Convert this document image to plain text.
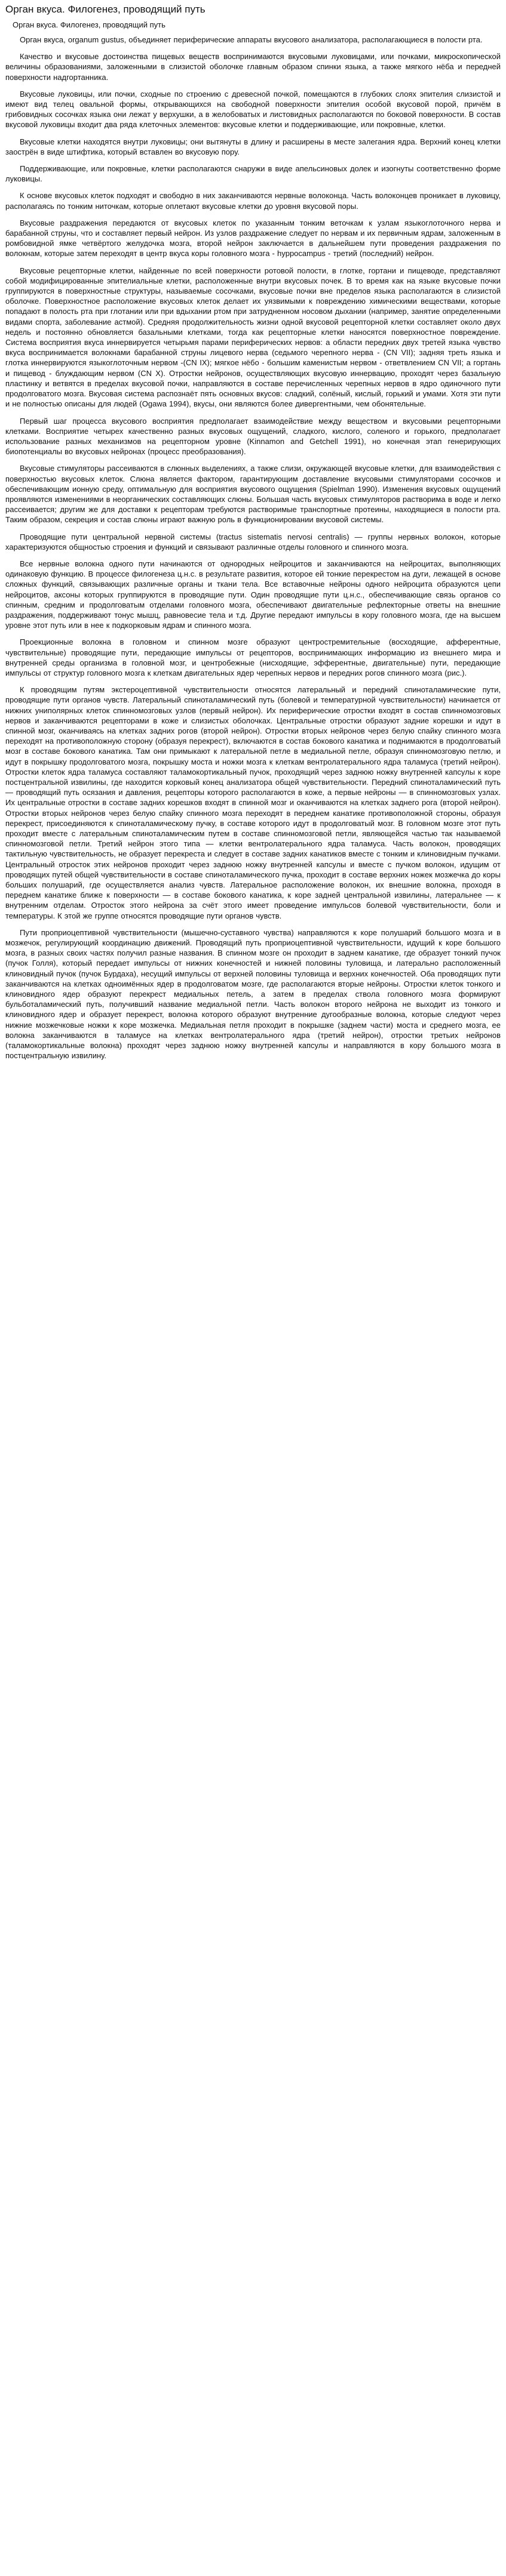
Орган вкуса. Филогенез, проводящий путь
Орган вкуса. Филогенез, проводящий путь

Орган вкуса, organum gustus, объединяет периферические аппараты вкусового анализатора, располагающиеся в полости рта.

Качество и вкусовые достоинства пищевых веществ воспринимаются вкусовыми луковицами, или почками, микроскопической величины образованиями, заложенными в слизистой оболочке главным образом спинки языка, а также мягкого нёба и передней поверхности надгортанника.

Вкусовые луковицы, или почки, сходные по строению с древесной почкой, помещаются в глубоких слоях эпителия слизистой и имеют вид телец овальной формы, открывающихся на свободной поверхности эпителия особой вкусовой порой, причём в грибовидных сосочках языка они лежат у верхушки, а в желобоватых и листовидных располагаются по боковой поверхности. В состав вкусовой луковицы входит два ряда клеточных элементов: вкусовые клетки и поддерживающие, или покровные, клетки.

Вкусовые клетки находятся внутри луковицы; они вытянуты в длину и расширены в месте залегания ядра. Верхний конец клетки заострён в виде штифтика, который вставлен во вкусовую пору.

Поддерживающие, или покровные, клетки располагаются снаружи в виде апельсиновых долек и изогнуты соответственно форме луковицы.

К основе вкусовых клеток подходят и свободно в них заканчиваются нервные волоконца. Часть волоконцев проникает в луковицу, располагаясь по тонким ниточкам, которые оплетают вкусовые клетки до уровня вкусовой поры.

Вкусовые раздражения передаются от вкусовых клеток по указанным тонким веточкам к узлам языкоглоточного нерва и барабанной струны, что и составляет первый нейрон. Из узлов раздражение следует по нервам и их первичным ядрам, заложенным в ромбовидной ямке четвёртого желудочка мозга, второй нейрон заключается в дальнейшем пути проведения раздражения по волокнам, которые затем переходят в центр вкуса коры головного мозга - hyppocampus - третий (последний) нейрон.

Вкусовые рецепторные клетки, найденные по всей поверхности ротовой полости, в глотке, гортани и пищеводе, представляют собой модифицированные эпителиальные клетки, расположенные внутри вкусовых почек. В то время как на языке вкусовые почки группируются в поверхностные структуры, называемые сосочками, вкусовые почки вне пределов языка располагаются в слизистой оболочке. Поверхностное расположение вкусовых клеток делает их уязвимыми к повреждению химическими веществами, которые попадают в полость рта при глотании или при вдыхании ртом при затрудненном носовом дыхании (например, занятие определенными видами спорта, заболевание астмой). Средняя продолжительность жизни одной вкусовой рецепторной клетки составляет около двух недель и постоянно обновляется базальными клетками, тогда как рецепторные клетки наносятся поверхностное повреждение. Система восприятия вкуса иннервируется четырьмя парами периферических нервов: а области передних двух третей языка чувство вкуса воспринимается волокнами барабанной струны лицевого нерва (седьмого черепного нерва - (CN VII); задняя треть языка и глотка иннервируются языкоглоточным нервом -(CN IX); мягкое нёбо - большим каменистым нервом - ответвлением CN VII; а гортань и пищевод - блуждающим нервом (CN X). Отростки нейронов, осуществляющих вкусовую иннервацию, проходят через базальную пластинку и ветвятся в пределах вкусовой почки, направляются в составе перечисленных черепных нервов в ядро одиночного пути продолговатого мозга. Вкусовая система распознаёт пять основных вкусов: сладкий, солёный, кислый, горький и умами. Хотя эти пути и не полностью описаны для людей (Ogawa 1994), вкусы, они являются более дивергентными, чем обонятельные.

Первый шаг процесса вкусового восприятия предполагает взаимодействие между веществом и вкусовыми рецепторными клетками. Восприятие четырех качественно разных вкусовых ощущений, сладкого, кислого, соленого и горького, предполагает использование разных механизмов на рецепторном уровне (Kinnamon and Getchell 1991), но конечная этап генерирующих биопотенциалы во вкусовых нейронах (процесс преобразования).

Вкусовые стимуляторы рассеиваются в слюнных выделениях, а также слизи, окружающей вкусовые клетки, для взаимодействия с поверхностью вкусовых клеток. Слюна является фактором, гарантирующим доставление вкусовыми стимуляторами сосочков и обеспечивающим ионную среду, оптимальную для восприятия вкусового ощущения (Spielman 1990). Изменения вкусовых ощущений проявляются изменениями в неорганических составляющих слюны. Большая часть вкусовых стимуляторов растворима в воде и легко рассеивается; другим же для доставки к рецепторам требуются растворимые транспортные протеины, находящиеся в полости рта. Таким образом, секреция и состав слюны играют важную роль в функционировании вкусовой системы.

Проводящие пути центральной нервной системы (tractus sistematis nervosi centralis) — группы нервных волокон, которые характеризуются общностью строения и функций и связывают различные отделы головного и спинного мозга.

Все нервные волокна одного пути начинаются от однородных нейроцитов и заканчиваются на нейроцитах, выполняющих одинаковую функцию. В процессе филогенеза ц.н.с. в результате развития, которое ей тонкие перекрестом на дуги, лежащей в основе сложных функций, связывающих различные органы и ткани тела. Все вставочные нейроны одного нейроцита образуются цепи нейроцитов, аксоны которых группируются в проводящие пути. Один проводящие пути ц.н.с., обеспечивающие связь органов со спинным, средним и продолговатым отделами головного мозга, обеспечивают двигательные рефлекторные ответы на внешние раздражения, поддерживают тонус мышц, равновесие тела и т.д. Другие передают импульсы в кору головного мозга, где на высшем уровне этот путь или в нее к подкорковым ядрам и спинного мозга.

Проекционные волокна в головном и спинном мозге образуют центростремительные (восходящие, афферентные, чувствительные) проводящие пути, передающие импульсы от рецепторов, воспринимающих информацию из внешнего мира и внутренней среды организма в головной мозг, и центробежные (нисходящие, эфферентные, двигательные) пути, передающие импульсы от структур головного мозга к клеткам двигательных ядер черепных нервов и передних рогов спинного мозга (рис.).

К проводящим путям экстероцептивной чувствительности относятся латеральный и передний спиноталамические пути, проводящие пути органов чувств. Латеральный спиноталамический путь (болевой и температурной чувствительности) начинается от нижних униполярных клеток спинномозговых узлов (первый нейрон). Их периферические отростки входят в состав спинномозговых нервов и заканчиваются рецепторами в коже и слизистых оболочках. Центральные отростки образуют задние корешки и идут в спинной мозг, оканчиваясь на клетках задних рогов (второй нейрон). Отростки вторых нейронов через белую спайку спинного мозга переходят на противоположную сторону (образуя перекрест), включаются в состав бокового канатика и поднимаются в продолговатый мозг в составе бокового канатика. Там они примыкают к латеральной петле в медиальной петле, образуя спинномозговую петлю, и идут в покрышку продолговатого мозга, покрышку моста и ножки мозга к клеткам вентролатерального ядра таламуса (третий нейрон). Отростки клеток ядра таламуса составляют таламокортикальный пучок, проходящий через заднюю ножку внутренней капсулы к коре постцентральной извилины, где находится корковый конец анализатора общей чувствительности. Передний спиноталамический путь — проводящий путь осязания и давления, рецепторы которого располагаются в коже, а первые нейроны — в спинномозговых узлах. Их центральные отростки в составе задних корешков входят в спинной мозг и оканчиваются на клетках заднего рога (второй нейрон). Отростки вторых нейронов через белую спайку спинного мозга переходят в переднем канатике противоположной стороны, образуя перекрест, присоединяются к спиноталамическому пучку, в составе которого идут в продолговатый мозг. В головном мозге этот путь проходит вместе с латеральным спиноталамическим путем в составе спинномозговой петли, являющейся частью так называемой спинномозговой петли. Третий нейрон этого типа — клетки вентролатерального ядра таламуса. Часть волокон, проводящих тактильную чувствительность, не образует перекреста и следует в составе задних канатиков вместе с тонким и клиновидным пучками. Центральный отросток этих нейронов проходит через заднюю ножку внутренней капсулы и вместе с пучком волокон, идущим от проводящих путей общей чувствительности в составе спиноталамического пучка, проходит в составе верхних ножек мозжечка до коры больших полушарий, где осуществляется анализ чувств. Латеральное расположение волокон, их внешние волокна, проходя в переднем канатике ближе к поверхности — в составе бокового канатика, к коре задней центральной извилины, латеральнее — к внутренним отделам. Отросток этого нейрона за счёт этого имеет проведение импульсов болевой чувствительности, боли и температуры. К этой же группе относятся проводящие пути органов чувств.

Пути проприоцептивной чувствительности (мышечно-суставного чувства) направляются к коре полушарий большого мозга и в мозжечок, регулирующий координацию движений. Проводящий путь проприоцептивной чувствительности, идущий к коре большого мозга, в разных своих частях получил разные названия. В спинном мозге он проходит в заднем канатике, где образует тонкий пучок (пучок Голля), который передает импульсы от нижних конечностей и нижней половины туловища, и латерально расположенный клиновидный пучок (пучок Бурдаха), несущий импульсы от верхней половины туловища и верхних конечностей. Оба проводящих пути заканчиваются на клетках одноимённых ядер в продолговатом мозге, где располагаются вторые нейроны. Отростки клеток тонкого и клиновидного ядер образуют перекрест медиальных петель, а затем в пределах ствола головного мозга формируют бульботаламический путь, получивший название медиальной петли. Часть волокон второго нейрона не выходит из тонкого и клиновидного ядер и образует перекрест, волокна которого образуют внутренние дугообразные волокна, которые следуют через нижние мозжечковые ножки к коре мозжечка. Медиальная петля проходит в покрышке (заднем части) моста и среднего мозга, ее волокна заканчиваются в таламусе на клетках вентролатерального ядра (третий нейрон), отростки третьих нейронов (таламокортикальные волокна) проходят через заднюю ножку внутренней капсулы и направляются в кору большого мозга в постцентральную извилину.
